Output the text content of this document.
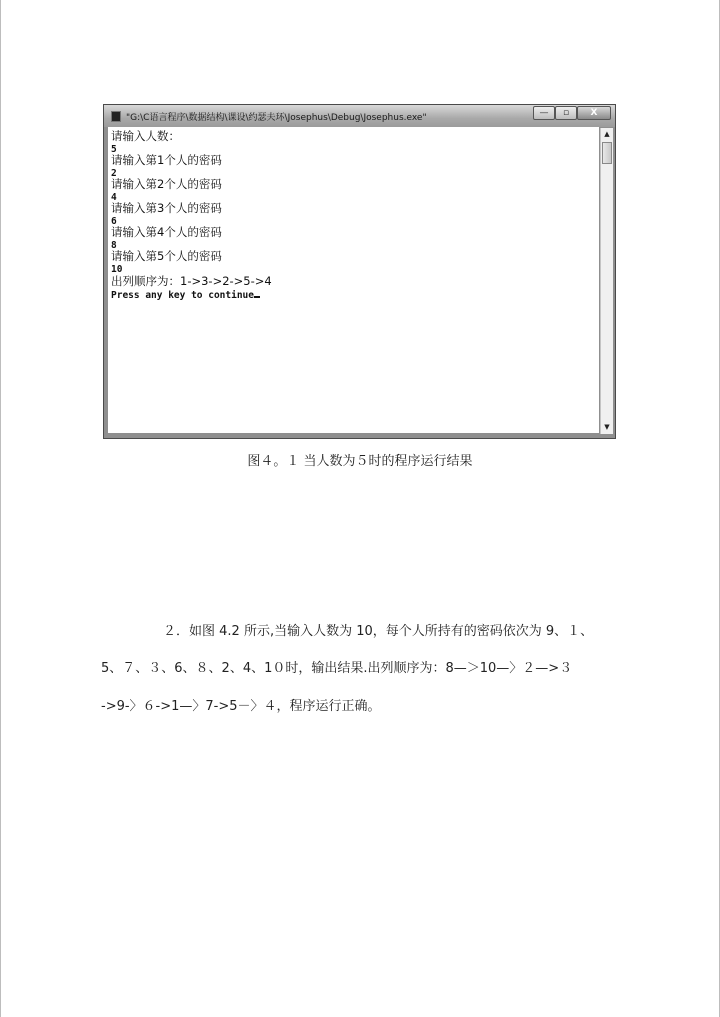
"G:\C语言程序\数据结构\课设\约瑟夫环\Josephus\Debug\Josephus.exe"	—	▫	X
请输入人数：
5
请输入第1个人的密码
2
请输入第2个人的密码
4
请输入第3个人的密码
6
请输入第4个人的密码
8
请输入第5个人的密码
10
出列顺序为：1->3->2->5->4
Press any key to continue
▲
▼
图４。１ 当人数为５时的程序运行结果
２．如图 4.2 所示,当输入人数为 10，每个人所持有的密码依次为 9、１、
5、７、３、6、８、2、4、1０时，输出结果.出列顺序为：8—＞10—〉２—>３
->9-〉６->1—〉7->5－〉４，程序运行正确。
